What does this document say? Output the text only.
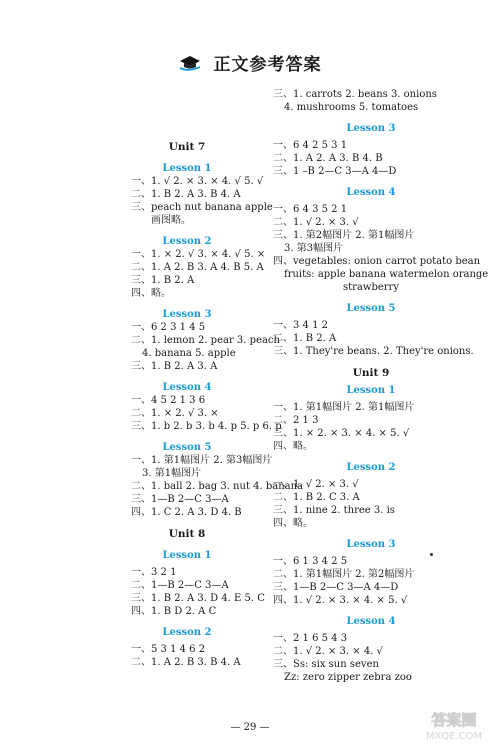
正文参考答案
Unit 7
Lesson 1
一、1. √ 2. × 3. × 4. √ 5. √
二、1. B 2. A 3. B 4. A
三、peach nut banana apple
画图略。
Lesson 2
一、1. × 2. √ 3. × 4. √ 5. ×
二、1. A 2. B 3. A 4. B 5. A
三、1. B 2. A
四、略。
Lesson 3
一、6 2 3 1 4 5
二、1. lemon 2. pear 3. peach
4. banana 5. apple
三、1. B 2. A 3. A
Lesson 4
一、4 5 2 1 3 6
二、1. × 2. √ 3. ×
三、1. b 2. b 3. b 4. p 5. p 6. p
Lesson 5
一、1. 第1幅图片 2. 第3幅图片
3. 第1幅图片
二、1. ball 2. bag 3. nut 4. banana
三、1—B 2—C 3—A
四、1. C 2. A 3. D 4. B
Unit 8
Lesson 1
一、3 2 1
二、1—B 2—C 3—A
三、1. B 2. A 3. D 4. E 5. C
四、1. B D 2. A C
Lesson 2
一、5 3 1 4 6 2
二、1. A 2. B 3. B 4. A
三、1. carrots 2. beans 3. onions
4. mushrooms 5. tomatoes
Lesson 3
一、6 4 2 5 3 1
二、1. A 2. A 3. B 4. B
三、1 –B 2—C 3—A 4—D
Lesson 4
一、6 4 3 5 2 1
二、1. √ 2. × 3. √
三、1. 第2幅图片 2. 第1幅图片
3. 第3幅图片
四、vegetables: onion carrot potato bean
fruits: apple banana watermelon orange
strawberry
Lesson 5
一、3 4 1 2
二、1. B 2. A
三、1. They're beans. 2. They're onions.
Unit 9
Lesson 1
一、1. 第1幅图片 2. 第1幅图片
二、2 1 3
三、1. × 2. × 3. × 4. × 5. √
四、略。
Lesson 2
一、1. √ 2. × 3. √
二、1. B 2. C 3. A
三、1. nine 2. three 3. is
四、略。
Lesson 3
一、6 1 3 4 2 5
二、1. 第1幅图片 2. 第2幅图片
三、1—B 2—C 3—A 4—D
四、1. √ 2. × 3. × 4. × 5. √
Lesson 4
一、2 1 6 5 4 3
二、1. √ 2. × 3. × 4. √
三、Ss: six sun seven
Zz: zero zipper zebra zoo
— 29 —	答案圈
MXQE.COM
